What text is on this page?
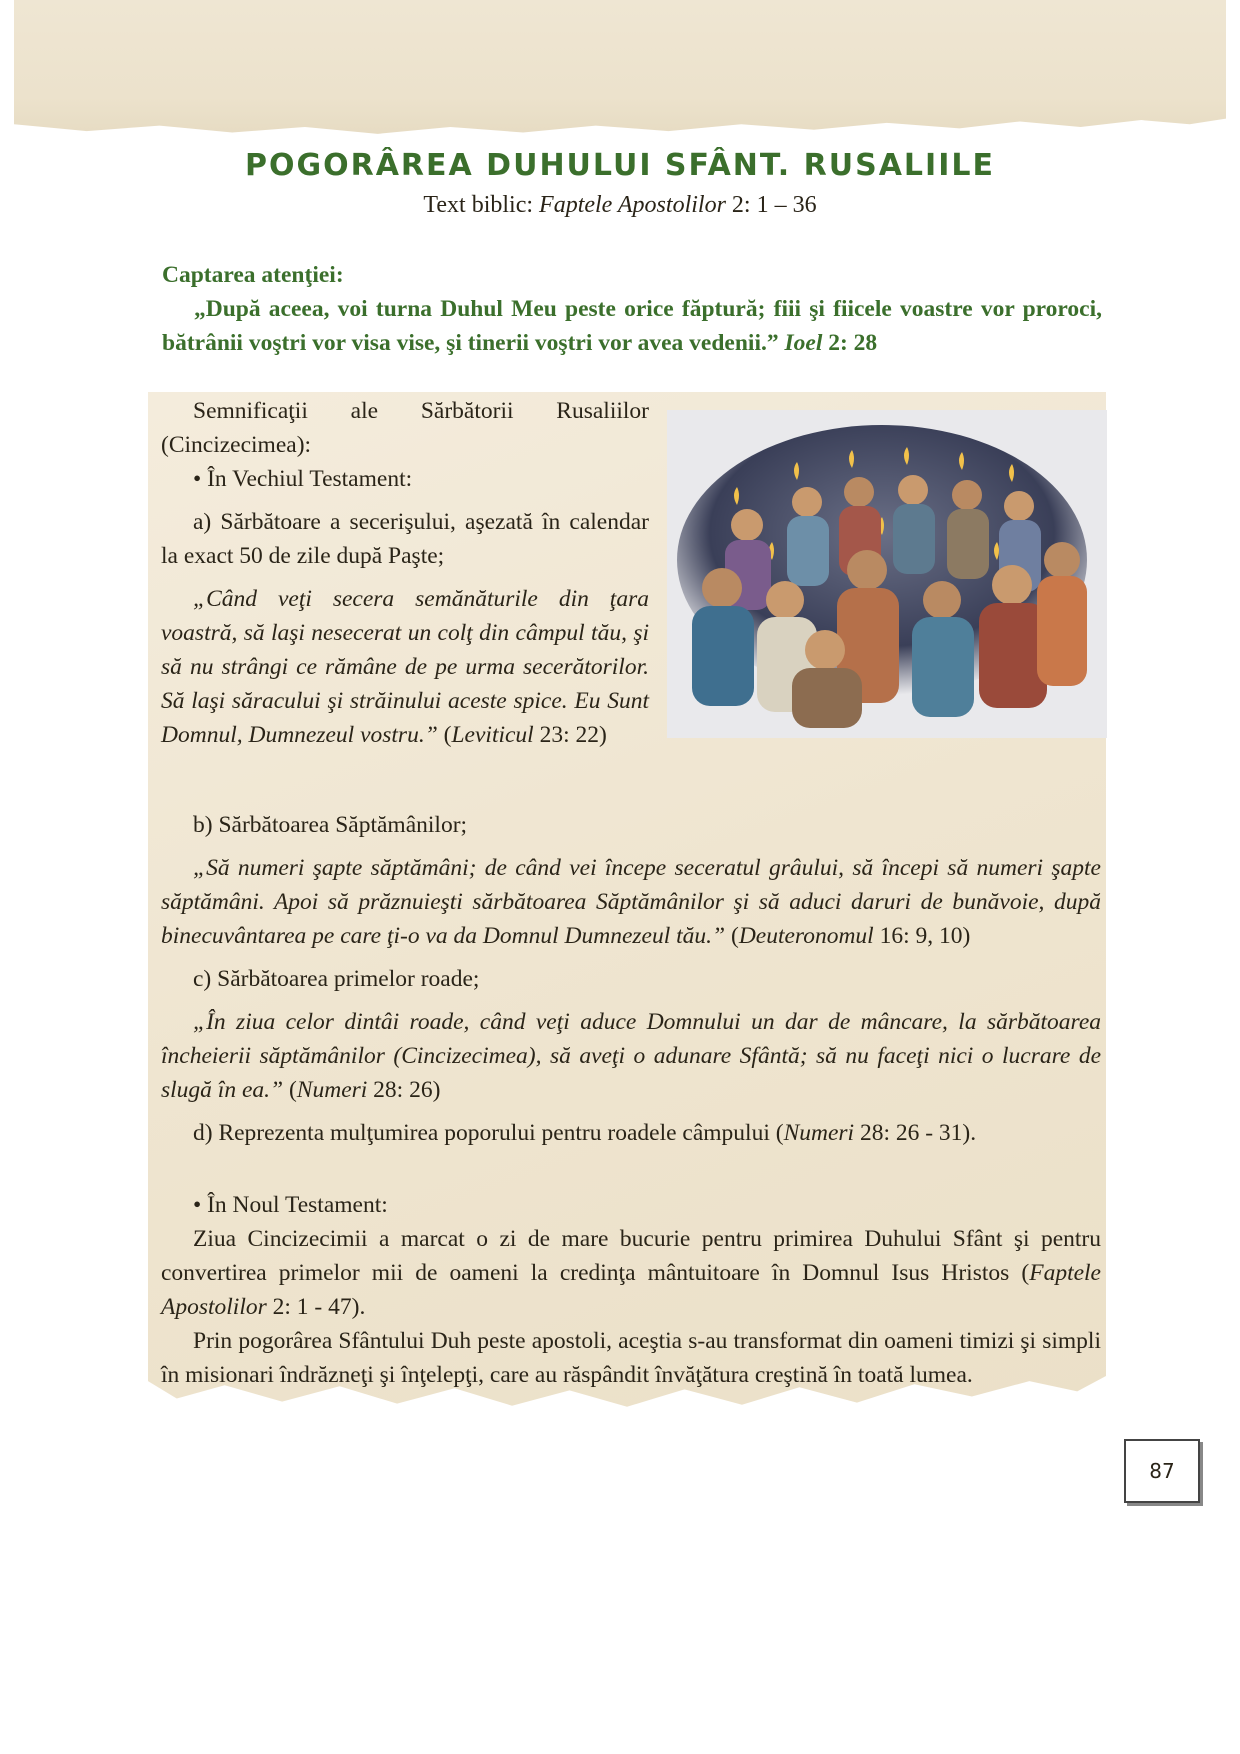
POGORÂREA DUHULUI SFÂNT. RUSALIILE
Text biblic: Faptele Apostolilor 2: 1 – 36

Captarea atenţiei:

„După aceea, voi turna Duhul Meu peste orice făptură; fiii şi fiicele voastre vor proroci, bătrânii voştri vor visa vise, şi tinerii voştri vor avea vedenii.” Ioel 2: 28

Semnificaţii ale Sărbătorii Rusaliilor (Cincizecimea):

• În Vechiul Testament:

a) Sărbătoare a secerişului, aşezată în calendar la exact 50 de zile după Paşte;

„Când veţi secera semănăturile din ţara voastră, să laşi nesecerat un colţ din câmpul tău, şi să nu strângi ce rămâne de pe urma secerătorilor. Să laşi săracului şi străinului aceste spice. Eu Sunt Domnul, Dumnezeul vostru.” (Leviticul 23: 22)

b) Sărbătoarea Săptămânilor;

„Să numeri şapte săptămâni; de când vei începe seceratul grâului, să începi să numeri şapte săptămâni. Apoi să prăznuieşti sărbătoarea Săptămânilor şi să aduci daruri de bunăvoie, după binecuvântarea pe care ţi-o va da Domnul Dumnezeul tău.” (Deuteronomul 16: 9, 10)

c) Sărbătoarea primelor roade;

„În ziua celor dintâi roade, când veţi aduce Domnului un dar de mâncare, la sărbătoarea încheierii săptămânilor (Cincizecimea), să aveţi o adunare Sfântă; să nu faceţi nici o lucrare de slugă în ea.” (Numeri 28: 26)

d) Reprezenta mulţumirea poporului pentru roadele câmpului (Numeri 28: 26 - 31).

• În Noul Testament:

Ziua Cincizecimii a marcat o zi de mare bucurie pentru primirea Duhului Sfânt şi pentru convertirea primelor mii de oameni la credinţa mântuitoare în Domnul Isus Hristos (Faptele Apostolilor 2: 1 - 47).

Prin pogorârea Sfântului Duh peste apostoli, aceştia s-au transformat din oameni timizi şi simpli în misionari îndrăzneţi şi înţelepţi, care au răspândit învăţătura creştină în toată lumea.

87
